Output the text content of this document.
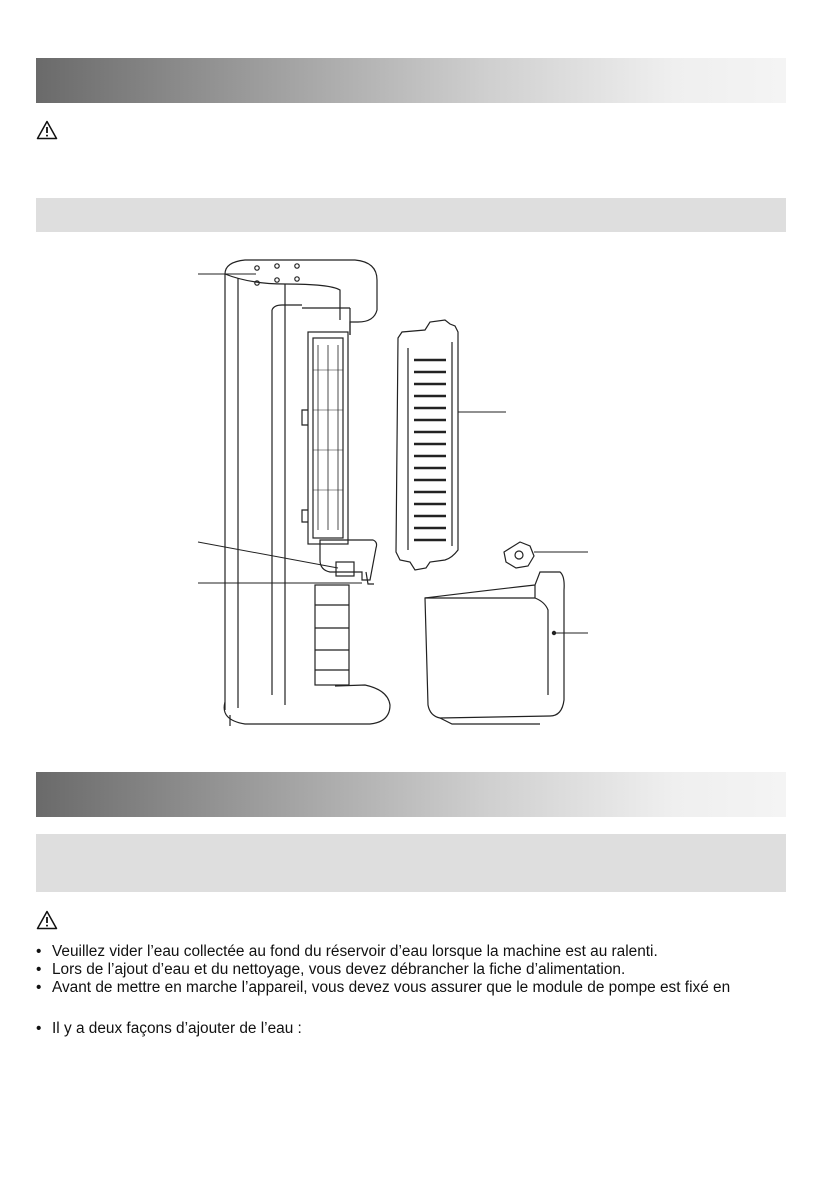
• Veuillez vider l’eau collectée au fond du réservoir d’eau lorsque la machine est au ralenti.
• Lors de l’ajout d’eau et du nettoyage, vous devez débrancher la fiche d’alimentation.
• Avant de mettre en marche l’appareil, vous devez vous assurer que le module de pompe est fixé en
• Il y a deux façons d’ajouter de l’eau :
